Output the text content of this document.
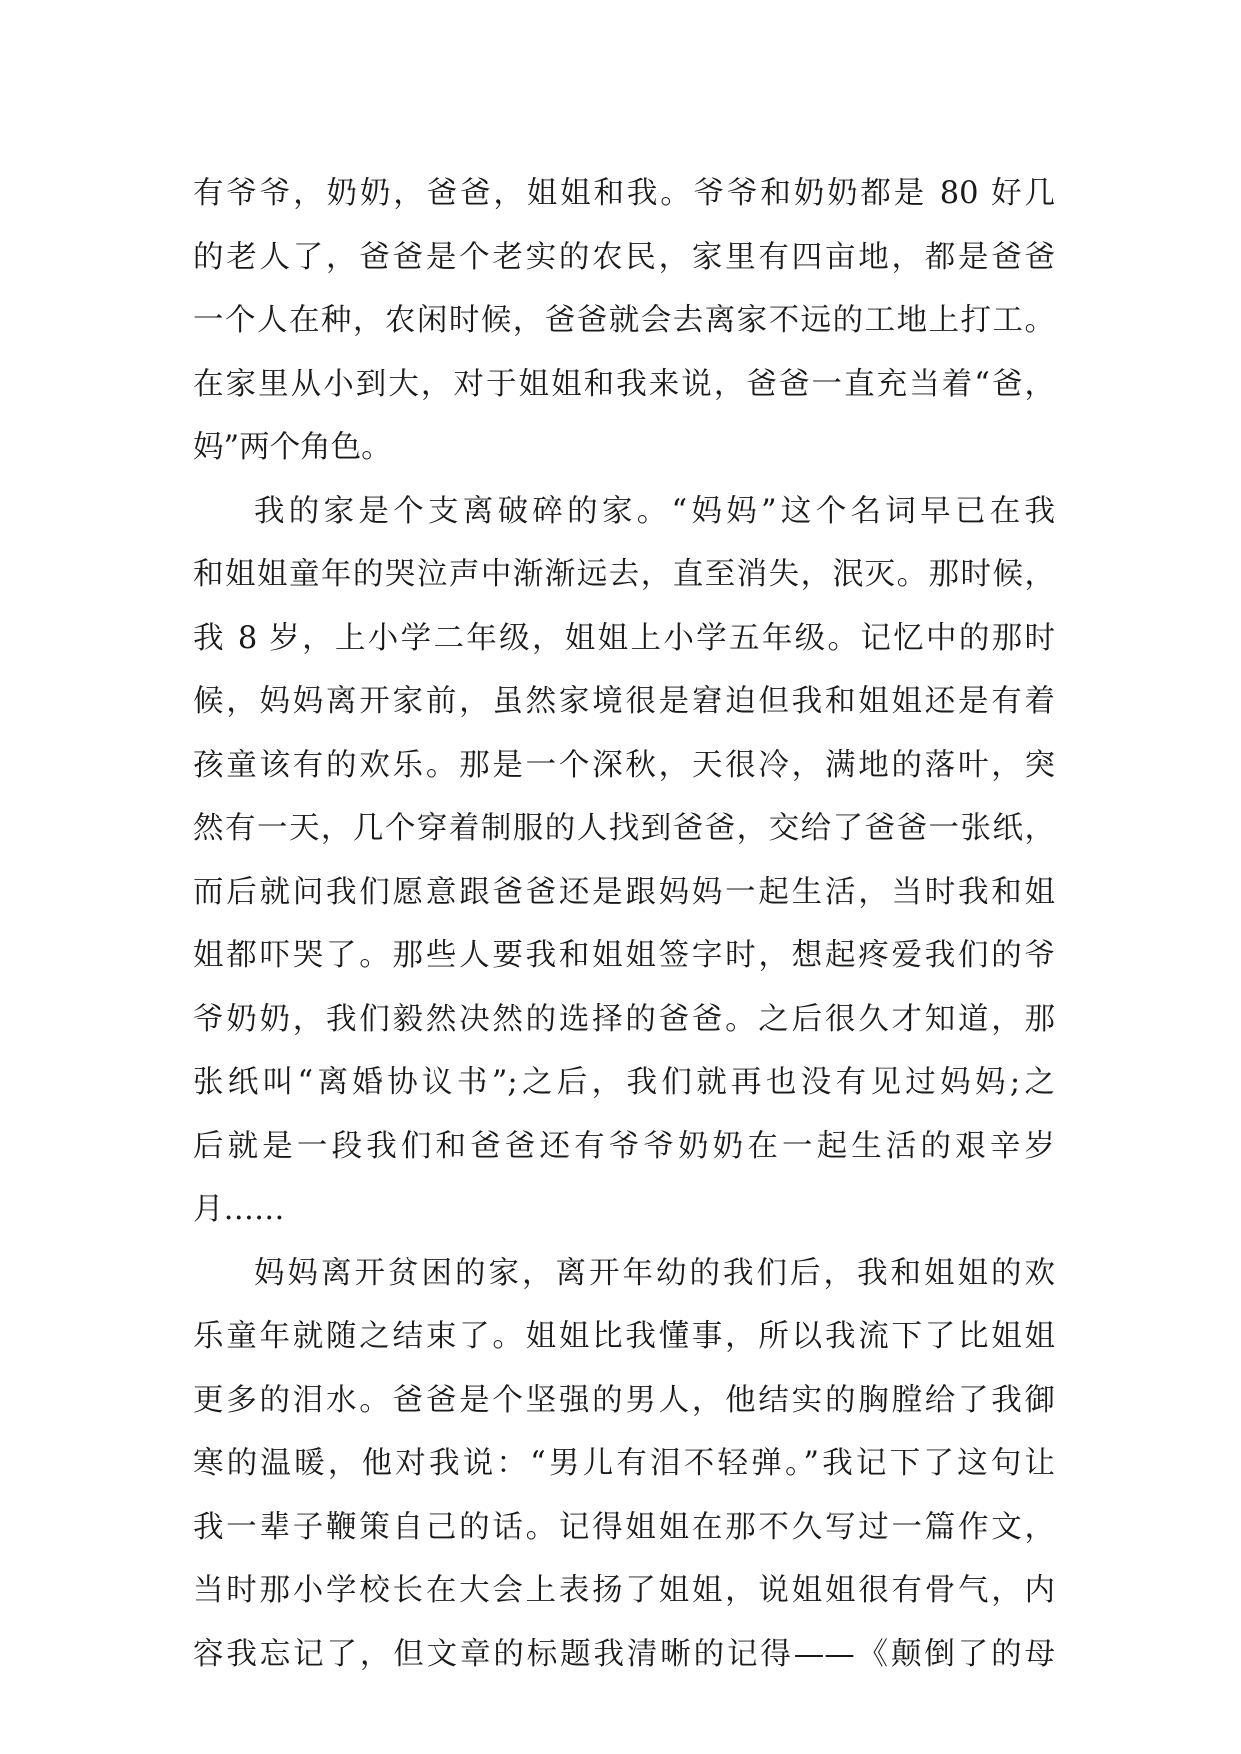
有爷爷，奶奶，爸爸，姐姐和我。爷爷和奶奶都是 80 好几
的老人了，爸爸是个老实的农民，家里有四亩地，都是爸爸
一个人在种，农闲时候，爸爸就会去离家不远的工地上打工。
在家里从小到大，对于姐姐和我来说，爸爸一直充当着“爸，
妈”两个角色。
我的家是个支离破碎的家。“妈妈”这个名词早已在我
和姐姐童年的哭泣声中渐渐远去，直至消失，泯灭。那时候，
我 8 岁，上小学二年级，姐姐上小学五年级。记忆中的那时
候，妈妈离开家前，虽然家境很是窘迫但我和姐姐还是有着
孩童该有的欢乐。那是一个深秋，天很冷，满地的落叶，突
然有一天，几个穿着制服的人找到爸爸，交给了爸爸一张纸，
而后就问我们愿意跟爸爸还是跟妈妈一起生活，当时我和姐
姐都吓哭了。那些人要我和姐姐签字时，想起疼爱我们的爷
爷奶奶，我们毅然决然的选择的爸爸。之后很久才知道，那
张纸叫“离婚协议书”;之后，我们就再也没有见过妈妈;之
后就是一段我们和爸爸还有爷爷奶奶在一起生活的艰辛岁
月……
妈妈离开贫困的家，离开年幼的我们后，我和姐姐的欢
乐童年就随之结束了。姐姐比我懂事，所以我流下了比姐姐
更多的泪水。爸爸是个坚强的男人，他结实的胸膛给了我御
寒的温暖，他对我说：“男儿有泪不轻弹。”我记下了这句让
我一辈子鞭策自己的话。记得姐姐在那不久写过一篇作文，
当时那小学校长在大会上表扬了姐姐，说姐姐很有骨气，内
容我忘记了，但文章的标题我清晰的记得——《颠倒了的母
